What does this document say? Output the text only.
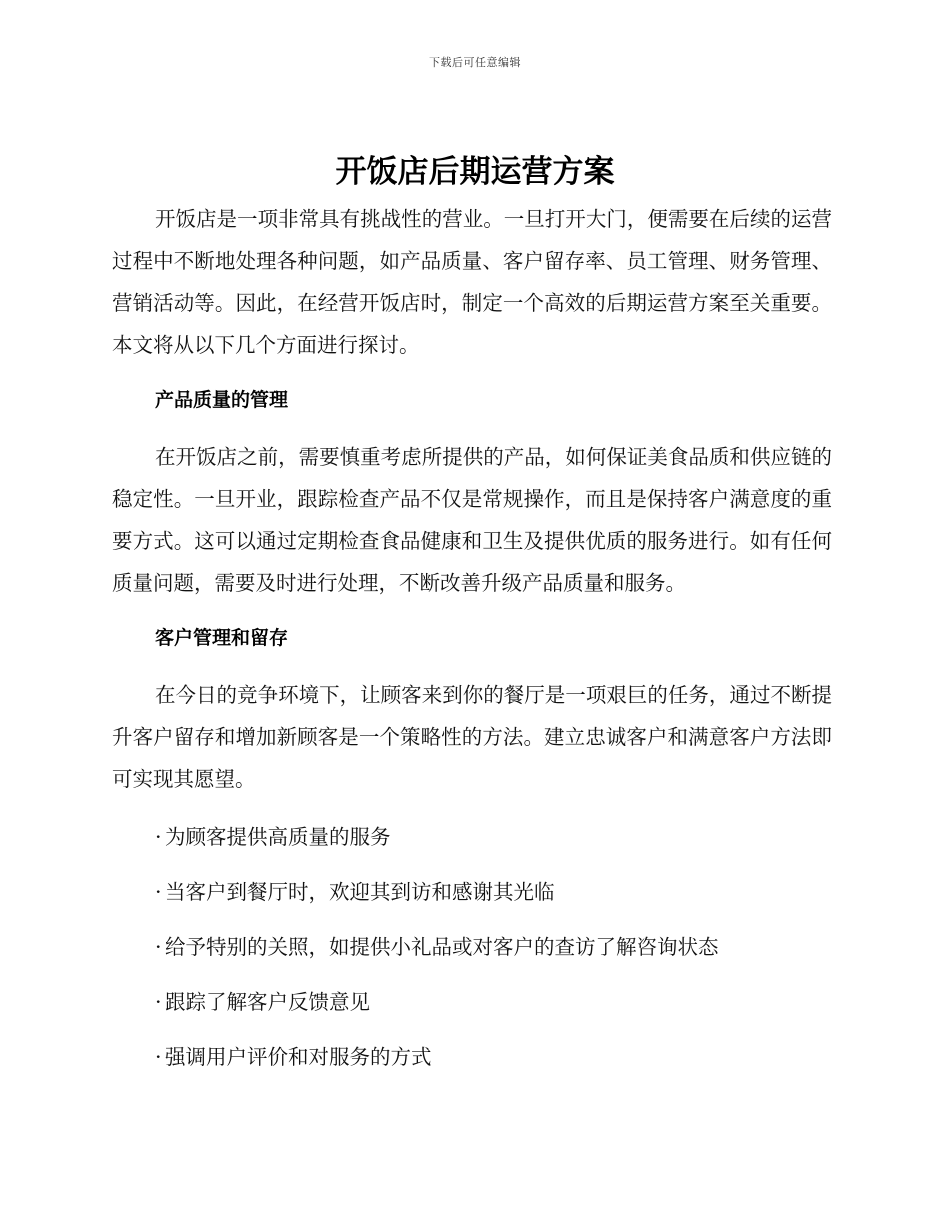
下载后可任意编辑
开饭店后期运营方案

开饭店是一项非常具有挑战性的营业。一旦打开大门，便需要在后续的运营过程中不断地处理各种问题，如产品质量、客户留存率、员工管理、财务管理、营销活动等。因此，在经营开饭店时，制定一个高效的后期运营方案至关重要。本文将从以下几个方面进行探讨。

产品质量的管理

在开饭店之前，需要慎重考虑所提供的产品，如何保证美食品质和供应链的稳定性。一旦开业，跟踪检查产品不仅是常规操作，而且是保持客户满意度的重要方式。这可以通过定期检查食品健康和卫生及提供优质的服务进行。如有任何质量问题，需要及时进行处理，不断改善升级产品质量和服务。

客户管理和留存

在今日的竞争环境下，让顾客来到你的餐厅是一项艰巨的任务，通过不断提升客户留存和增加新顾客是一个策略性的方法。建立忠诚客户和满意客户方法即可实现其愿望。

· 为顾客提供高质量的服务
· 当客户到餐厅时，欢迎其到访和感谢其光临
· 给予特别的关照，如提供小礼品或对客户的查访了解咨询状态
· 跟踪了解客户反馈意见
· 强调用户评价和对服务的方式
